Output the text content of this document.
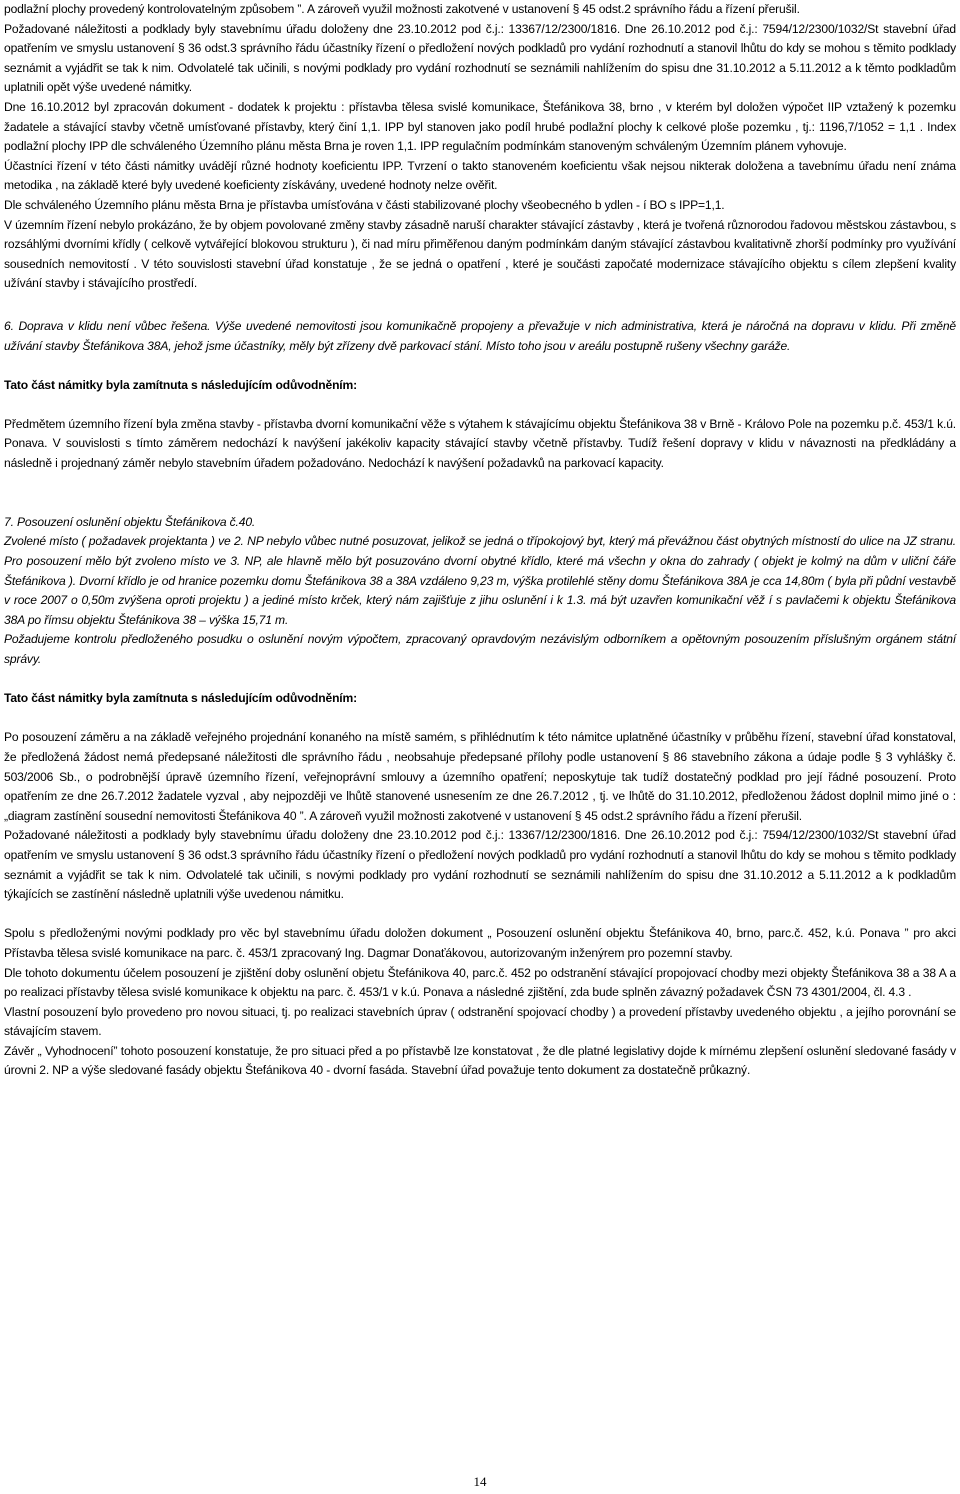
podlažní plochy provedený kontrolovatelným způsobem ”. A zároveň využil možnosti zakotvené v ustanovení § 45 odst.2 správního řádu a řízení přerušil.

Požadované náležitosti a podklady byly stavebnímu úřadu doloženy dne 23.10.2012 pod č.j.: 13367/12/2300/1816. Dne 26.10.2012 pod č.j.: 7594/12/2300/1032/St stavební úřad opatřením ve smyslu ustanovení § 36 odst.3 správního řádu účastníky řízení o předložení nových podkladů pro vydání rozhodnutí a stanovil lhůtu do kdy se mohou s těmito podklady seznámit a vyjádřit se tak k nim. Odvolatelé tak učinili, s novými podklady pro vydání rozhodnutí se seznámili nahlížením do spisu dne 31.10.2012 a 5.11.2012 a k těmto podkladům uplatnili opět výše uvedené námitky.

Dne 16.10.2012 byl zpracován dokument - dodatek k projektu : přístavba tělesa svislé komunikace, Štefánikova 38, brno , v kterém byl doložen výpočet IIP vztažený k pozemku žadatele a stávající stavby včetně umísťované přístavby, který činí 1,1. IPP byl stanoven jako podíl hrubé podlažní plochy k celkové ploše pozemku , tj.: 1196,7/1052 = 1,1 . Index podlažní plochy IPP dle schváleného Územního plánu města Brna je roven 1,1. IPP regulačním podmínkám stanoveným schváleným Územním plánem vyhovuje.

Účastníci řízení v této části námitky uvádějí různé hodnoty koeficientu IPP. Tvrzení o takto stanoveném koeficientu však nejsou nikterak doložena a tavebnímu úřadu není známa metodika , na základě které byly uvedené koeficienty získávány, uvedené hodnoty nelze ověřit.

Dle schváleného Územního plánu města Brna je přístavba umísťována v části stabilizované plochy všeobecného b ydlen - í BO s IPP=1,1.

V územním řízení nebylo prokázáno, že by objem povolované změny stavby zásadně naruší charakter stávající zástavby , která je tvořená různorodou řadovou městskou zástavbou, s rozsáhlými dvorními křídly ( celkově vytvářející blokovou strukturu ), či nad míru přiměřenou daným podmínkám daným stávající zástavbou kvalitativně zhorší podmínky pro využívání sousedních nemovitostí . V této souvislosti stavební úřad konstatuje , že se jedná o opatření , které je součásti započaté modernizace stávajícího objektu s cílem zlepšení kvality užívání stavby i stávajícího prostředí.

6. Doprava v klidu není vůbec řešena. Výše uvedené nemovitosti jsou komunikačně propojeny a převažuje v nich administrativa, která je náročná na dopravu v klidu. Při změně užívání stavby Štefánikova 38A, jehož jsme účastníky, měly být zřízeny dvě parkovací stání. Místo toho jsou v areálu postupně rušeny všechny garáže.

Tato část námitky byla zamítnuta s následujícím odůvodněním:

Předmětem územního řízení byla změna stavby - přístavba dvorní komunikační věže s výtahem k stávajícímu objektu Štefánikova 38 v Brně - Královo Pole na pozemku p.č. 453/1 k.ú. Ponava. V souvislosti s tímto záměrem nedochází k navýšení jakékoliv kapacity stávající stavby včetně přístavby. Tudíž řešení dopravy v klidu v návaznosti na předkládány a následně i projednaný záměr nebylo stavebním úřadem požadováno. Nedochází k navýšení požadavků na parkovací kapacity.

7. Posouzení oslunění objektu Štefánikova č.40.

Zvolené místo ( požadavek projektanta ) ve 2. NP nebylo vůbec nutné posuzovat, jelikož se jedná o třípokojový byt, který má převážnou část obytných místností do ulice na JZ stranu. Pro posouzení mělo být zvoleno místo ve 3. NP, ale hlavně mělo být posuzováno dvorní obytné křídlo, které má všechn y okna do zahrady ( objekt je kolmý na dům v uliční čáře Štefánikova ). Dvorní křídlo je od hranice pozemku domu Štefánikova 38 a 38A vzdáleno 9,23 m, výška protilehlé stěny domu Štefánikova 38A je cca 14,80m ( byla při půdní vestavbě v roce 2007 o 0,50m zvýšena oproti projektu ) a jediné místo krček, který nám zajišťuje z jihu oslunění i k 1.3. má být uzavřen komunikační věž í s pavlačemi k objektu Štefánikova 38A po římsu objektu Štefánikova 38 – výška 15,71 m.

Požadujeme kontrolu předloženého posudku o oslunění novým výpočtem, zpracovaný opravdovým nezávislým odborníkem a opětovným posouzením příslušným orgánem státní správy.

Tato část námitky byla zamítnuta s následujícím odůvodněním:

Po posouzení záměru a na základě veřejného projednání konaného na místě samém, s přihlédnutím k této námitce uplatněné účastníky v průběhu řízení, stavební úřad konstatoval, že předložená žádost nemá předepsané náležitosti dle správního řádu , neobsahuje předepsané přílohy podle ustanovení § 86 stavebního zákona a údaje podle § 3 vyhlášky č. 503/2006 Sb., o podrobnější úpravě územního řízení, veřejnoprávní smlouvy a územního opatření; neposkytuje tak tudíž dostatečný podklad pro její řádné posouzení. Proto opatřením ze dne 26.7.2012 žadatele vyzval , aby nejpozději ve lhůtě stanovené usnesením ze dne 26.7.2012 , tj. ve lhůtě do 31.10.2012, předloženou žádost doplnil mimo jiné o : „diagram zastínění sousední nemovitosti Štefánikova 40 ”. A zároveň využil možnosti zakotvené v ustanovení § 45 odst.2 správního řádu a řízení přerušil.

Požadované náležitosti a podklady byly stavebnímu úřadu doloženy dne 23.10.2012 pod č.j.: 13367/12/2300/1816. Dne 26.10.2012 pod č.j.: 7594/12/2300/1032/St stavební úřad opatřením ve smyslu ustanovení § 36 odst.3 správního řádu účastníky řízení o předložení nových podkladů pro vydání rozhodnutí a stanovil lhůtu do kdy se mohou s těmito podklady seznámit a vyjádřit se tak k nim. Odvolatelé tak učinili, s novými podklady pro vydání rozhodnutí se seznámili nahlížením do spisu dne 31.10.2012 a 5.11.2012 a k podkladům týkajících se zastínění následně uplatnili výše uvedenou námitku.

Spolu s předloženými novými podklady pro věc byl stavebnímu úřadu doložen dokument „ Posouzení oslunění objektu Štefánikova 40, brno, parc.č. 452, k.ú. Ponava ” pro akci Přístavba tělesa svislé komunikace na parc. č. 453/1 zpracovaný Ing. Dagmar Donaťákovou, autorizovaným inženýrem pro pozemní stavby.

Dle tohoto dokumentu účelem posouzení je zjištění doby oslunění objetu Štefánikova 40, parc.č. 452 po odstranění stávající propojovací chodby mezi objekty Štefánikova 38 a 38 A a po realizaci přístavby tělesa svislé komunikace k objektu na parc. č. 453/1 v k.ú. Ponava a následné zjištění, zda bude splněn závazný požadavek ČSN 73 4301/2004, čl. 4.3 .

Vlastní posouzení bylo provedeno pro novou situaci, tj. po realizaci stavebních úprav ( odstranění spojovací chodby ) a provedení přístavby uvedeného objektu , a jejího porovnání se stávajícím stavem.

Závěr „ Vyhodnocení” tohoto posouzení konstatuje, že pro situaci před a po přístavbě lze konstatovat , že dle platné legislativy dojde k mírnému zlepšení oslunění sledované fasády v úrovni 2. NP a výše sledované fasády objektu Štefánikova 40 - dvorní fasáda. Stavební úřad považuje tento dokument za dostatečně průkazný.

14
